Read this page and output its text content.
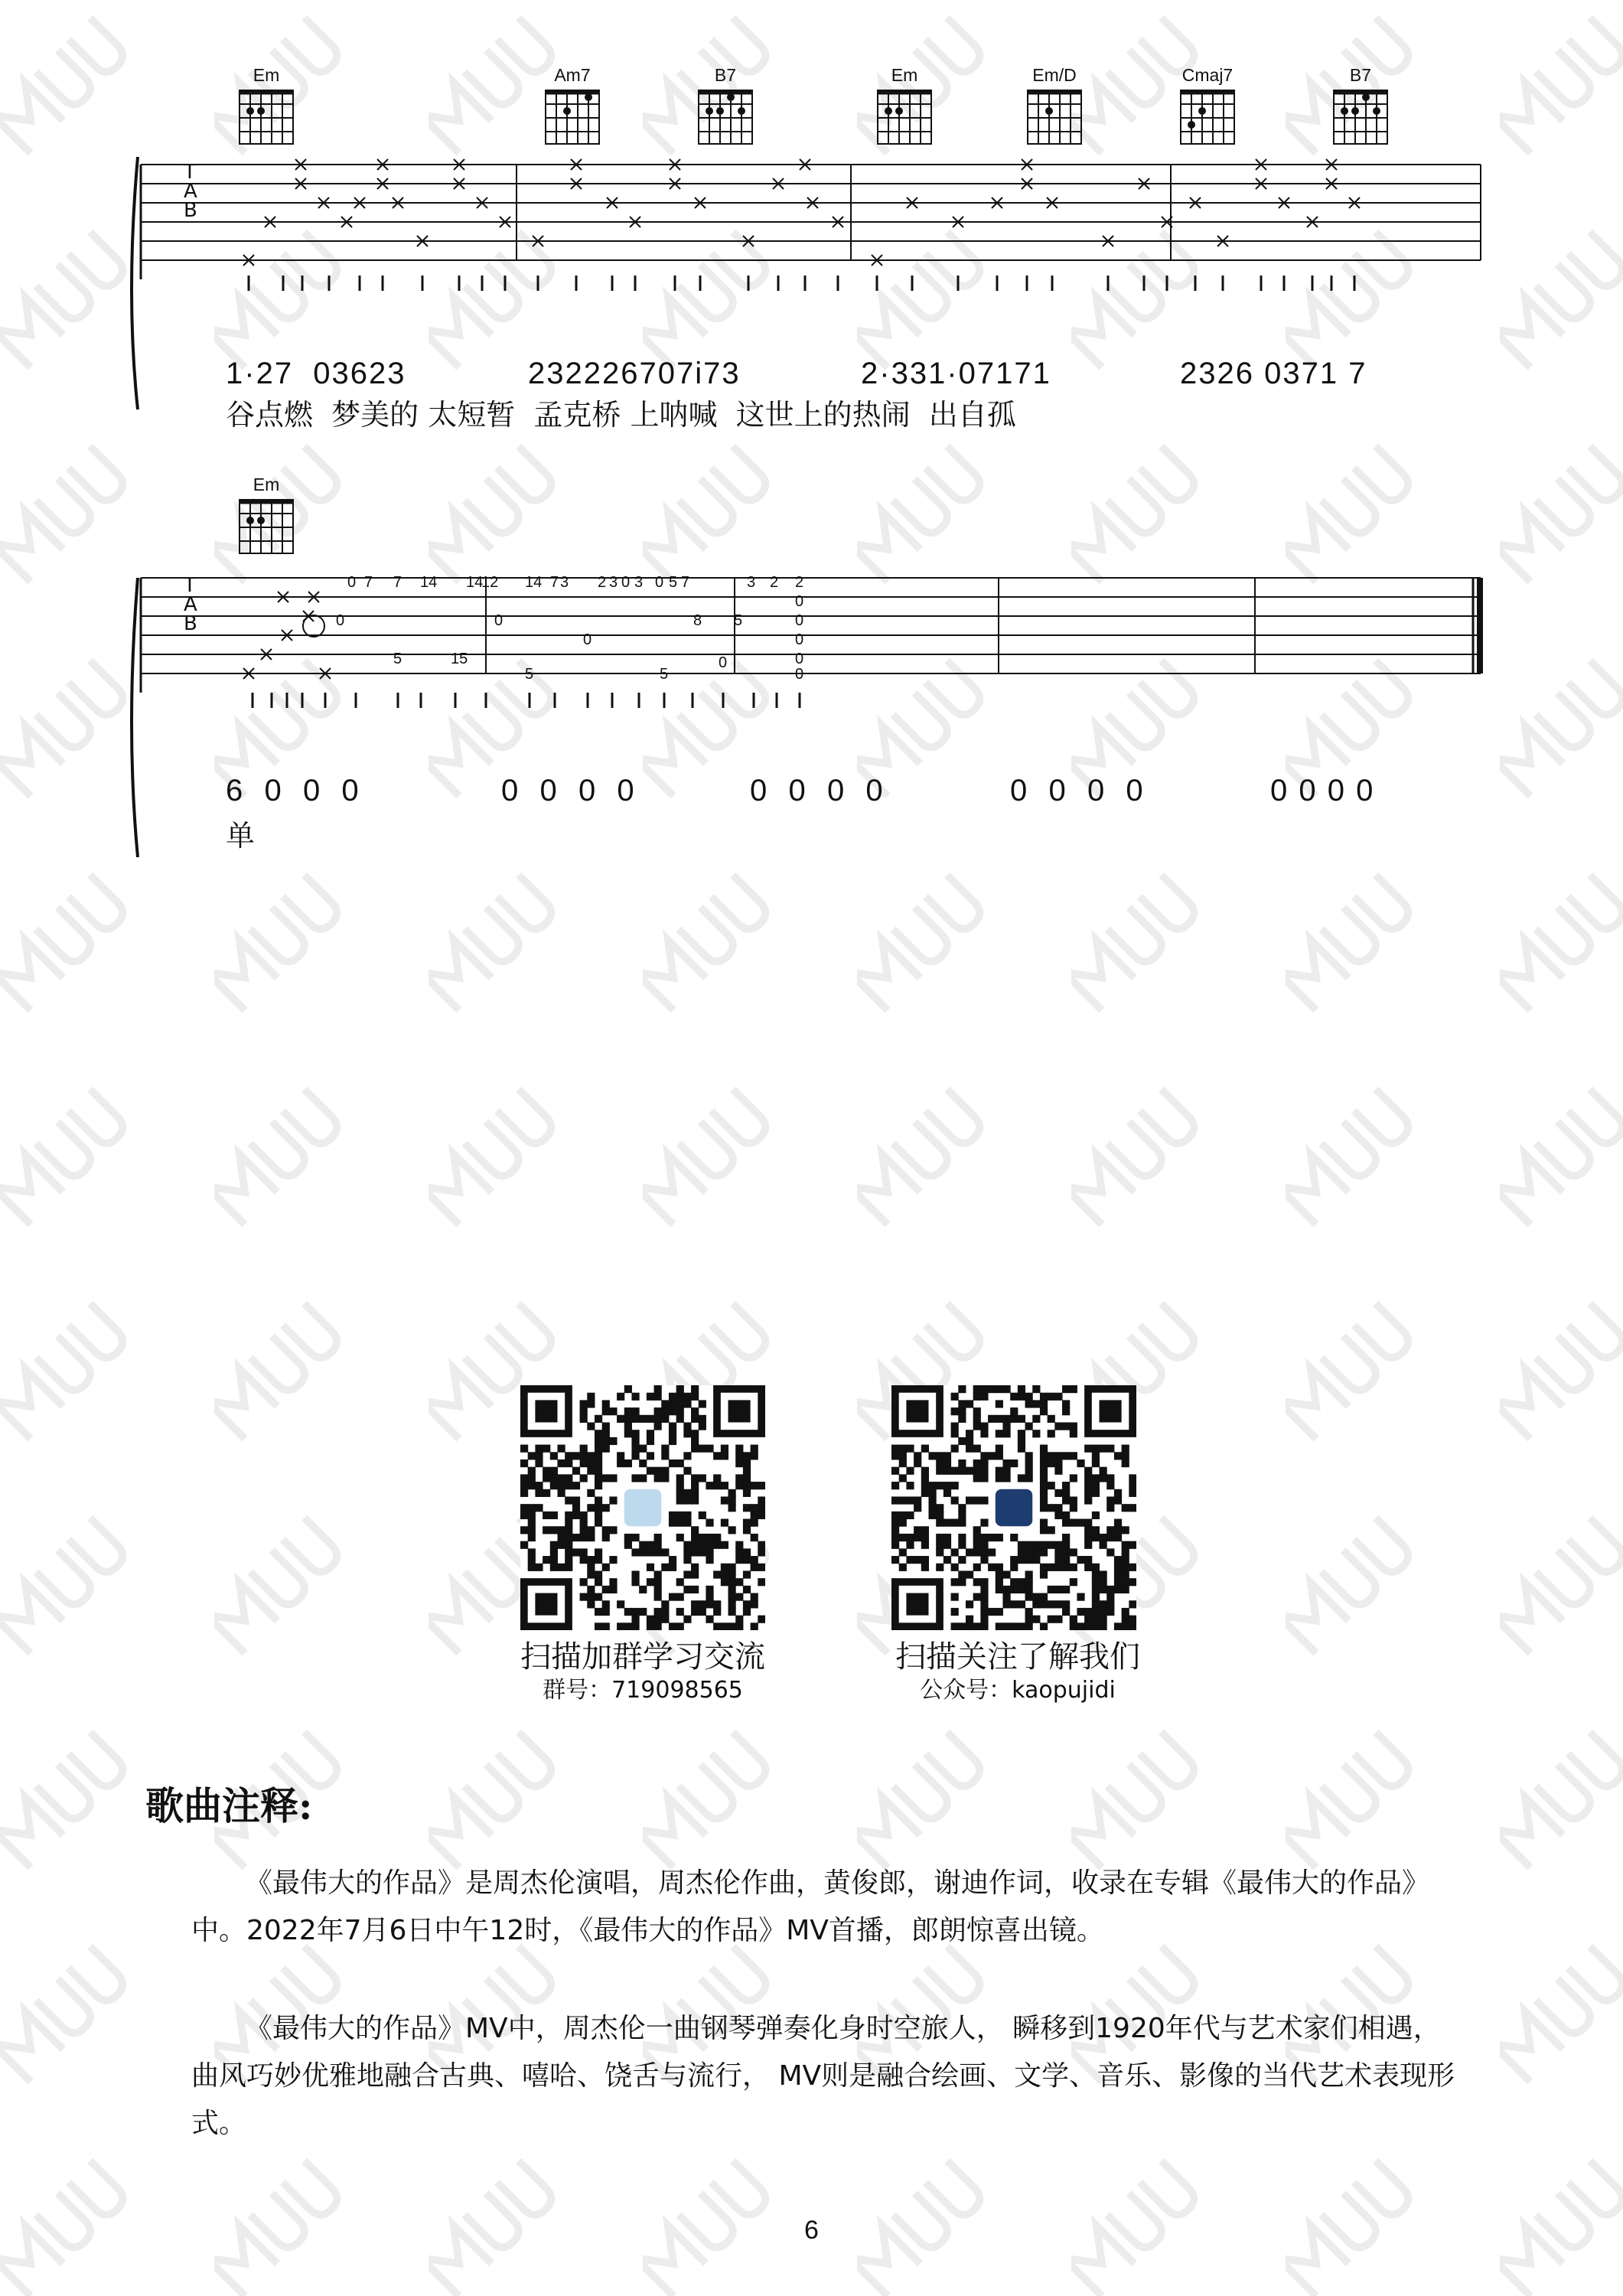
Em	Am7	B7	Em	Em/D	Cmaj7	B7
T
A
B
1·27  03623	232226707i73	2·331·07171	2326 0371 7
谷点燃  梦美的 太短暂  孟克桥 上呐喊  这世上的热闹  出自孤
Em
T
A
B	0
0 7 7
5
14
15
14
12
0
14
5
7 3
0
2 3 0 3 0 5 7
5
8 5
0
3 2 2
0
0
0
0
0
6  0  0  0	0  0  0  0	0  0  0  0	0  0  0  0	0 0 0 0
单
扫描加群学习交流
群号：719098565
扫描关注了解我们
公众号：kaopujidi
歌曲注释:
《最伟大的作品》是周杰伦演唱，周杰伦作曲，黄俊郎，谢迪作词，收录在专辑《最伟大的作品》中。2022年7月6日中午12时，《最伟大的作品》MV首播，郎朗惊喜出镜。
《最伟大的作品》MV中，周杰伦一曲钢琴弹奏化身时空旅人， 瞬移到1920年代与艺术家们相遇， 曲风巧妙优雅地融合古典、嘻哈、饶舌与流行， MV则是融合绘画、文学、音乐、影像的当代艺术表现形式。
6
